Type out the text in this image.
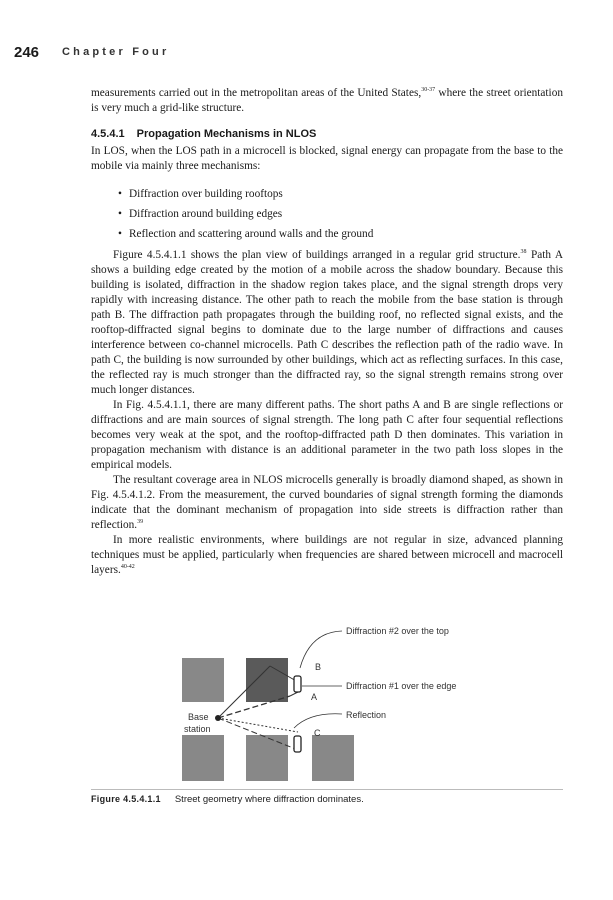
246 Chapter Four
measurements carried out in the metropolitan areas of the United States,$^{30-37}$ where the street orientation is very much a grid-like structure.
4.5.4.1 Propagation Mechanisms in NLOS
In LOS, when the LOS path in a microcell is blocked, signal energy can propagate from the base to the mobile via mainly three mechanisms:
• Diffraction over building rooftops
• Diffraction around building edges
• Reflection and scattering around walls and the ground

Figure 4.5.4.1.1 shows the plan view of buildings arranged in a regular grid structure.$^{38}$ Path A shows a building edge created by the motion of a mobile across the shadow boundary. Because this building is isolated, diffraction in the shadow region takes place, and the signal strength drops very rapidly with increasing distance. The other path to reach the mobile from the base station is through path B. The diffraction path propagates through the building roof, no reflected signal exists, and the rooftop-diffracted signal begins to dominate due to the large number of diffractions and causes interference between co-channel microcells. Path C describes the reflection path of the radio wave. In path C, the building is now surrounded by other buildings, which act as reflecting surfaces. In this case, the reflected ray is much stronger than the diffracted ray, so the signal strength remains strong over much longer distances.

In Fig. 4.5.4.1.1, there are many different paths. The short paths A and B are single reflections or diffractions and are main sources of signal strength. The long path C after four sequential reflections becomes very weak at the spot, and the rooftop-diffracted path D then dominates. This variation in propagation mechanism with distance is an additional parameter in the two path loss slopes in the empirical models.

The resultant coverage area in NLOS microcells generally is broadly diamond shaped, as shown in Fig. 4.5.4.1.2. From the measurement, the curved boundaries of signal strength forming the diamonds indicate that the dominant mechanism of propagation into side streets is diffraction rather than reflection.$^{39}$

In more realistic environments, where buildings are not regular in size, advanced planning techniques must be applied, particularly when frequencies are shared between microcell and macrocell layers.$^{40-42}$

Diffraction #2 over the top
Diffraction #1 over the edge
Reflection
Base
station
A
B
C
Figure 4.5.4.1.1 Street geometry where diffraction dominates.
